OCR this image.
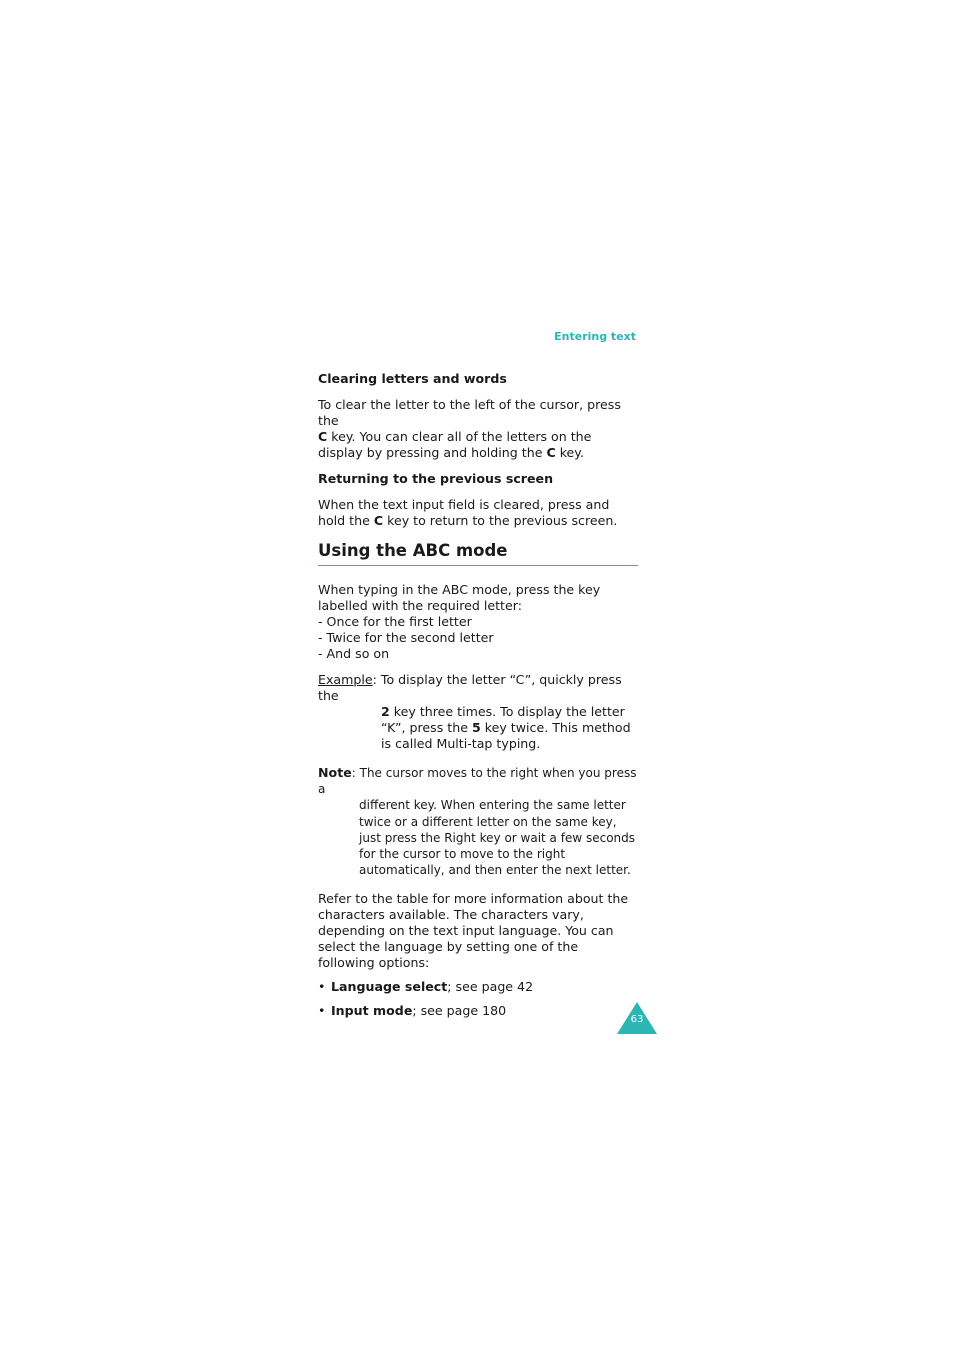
Entering text
Clearing letters and words

To clear the letter to the left of the cursor, press the
C key. You can clear all of the letters on the display by pressing and holding the C key.

Returning to the previous screen

When the text input field is cleared, press and hold the C key to return to the previous screen.

Using the ABC mode

When typing in the ABC mode, press the key
labelled with the required letter:
- Once for the first letter
- Twice for the second letter
- And so on

Example: To display the letter “C”, quickly press the
2 key three times. To display the letter “K”, press the 5 key twice. This method is called Multi-tap typing.
Note: The cursor moves to the right when you press a
different key. When entering the same letter twice or a different letter on the same key, just press the Right key or wait a few seconds for the cursor to move to the right automatically, and then enter the next letter.

Refer to the table for more information about the characters available. The characters vary, depending on the text input language. You can select the language by setting one of the following options:

• Language select; see page 42
• Input mode; see page 180
63
